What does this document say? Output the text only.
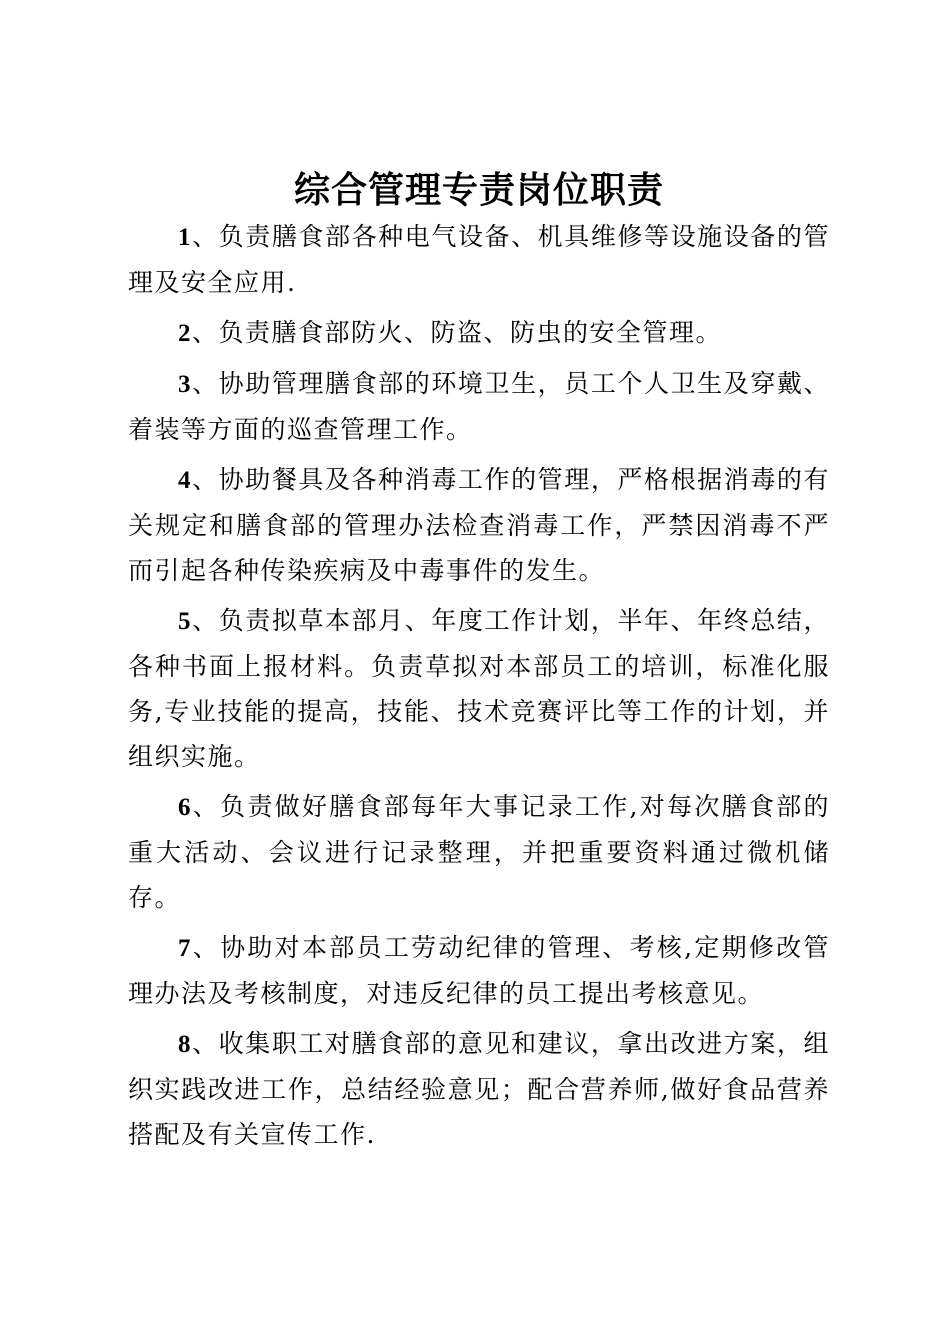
综合管理专责岗位职责

1、负责膳食部各种电气设备、机具维修等设施设备的管理及安全应用.

2、负责膳食部防火、防盗、防虫的安全管理。

3、协助管理膳食部的环境卫生，员工个人卫生及穿戴、着装等方面的巡查管理工作。

4、协助餐具及各种消毒工作的管理，严格根据消毒的有关规定和膳食部的管理办法检查消毒工作，严禁因消毒不严而引起各种传染疾病及中毒事件的发生。

5、负责拟草本部月、年度工作计划，半年、年终总结，各种书面上报材料。负责草拟对本部员工的培训，标准化服务,专业技能的提高，技能、技术竞赛评比等工作的计划，并组织实施。

6、负责做好膳食部每年大事记录工作,对每次膳食部的重大活动、会议进行记录整理，并把重要资料通过微机储存。

7、协助对本部员工劳动纪律的管理、考核,定期修改管理办法及考核制度，对违反纪律的员工提出考核意见。

8、收集职工对膳食部的意见和建议，拿出改进方案，组织实践改进工作，总结经验意见；配合营养师,做好食品营养搭配及有关宣传工作.
